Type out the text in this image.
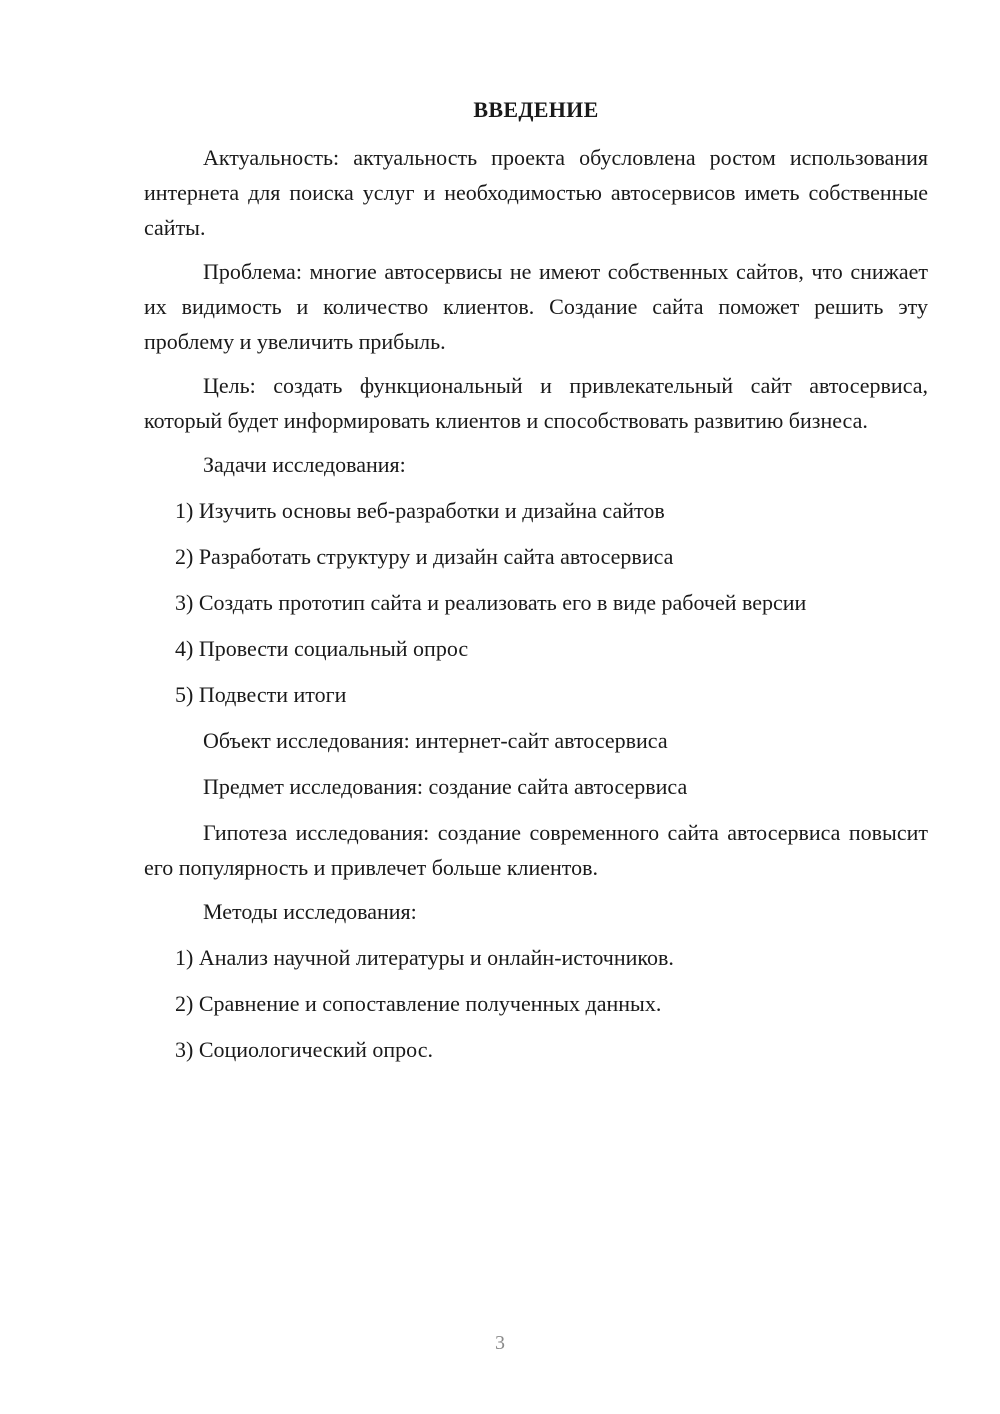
ВВЕДЕНИЕ

Актуальность: актуальность проекта обусловлена ростом использования интернета для поиска услуг и необходимостью автосервисов иметь собственные сайты.

Проблема: многие автосервисы не имеют собственных сайтов, что снижает их видимость и количество клиентов. Создание сайта поможет решить эту проблему и увеличить прибыль.

Цель: создать функциональный и привлекательный сайт автосервиса, который будет информировать клиентов и способствовать развитию бизнеса.

Задачи исследования:

1) Изучить основы веб-разработки и дизайна сайтов
2) Разработать структуру и дизайн сайта автосервиса
3) Создать прототип сайта и реализовать его в виде рабочей версии
4) Провести социальный опрос
5) Подвести итоги

Объект исследования: интернет-сайт автосервиса

Предмет исследования: создание сайта автосервиса

Гипотеза исследования: создание современного сайта автосервиса повысит его популярность и привлечет больше клиентов.

Методы исследования:

1) Анализ научной литературы и онлайн-источников.
2) Сравнение и сопоставление полученных данных.
3) Социологический опрос.
3
